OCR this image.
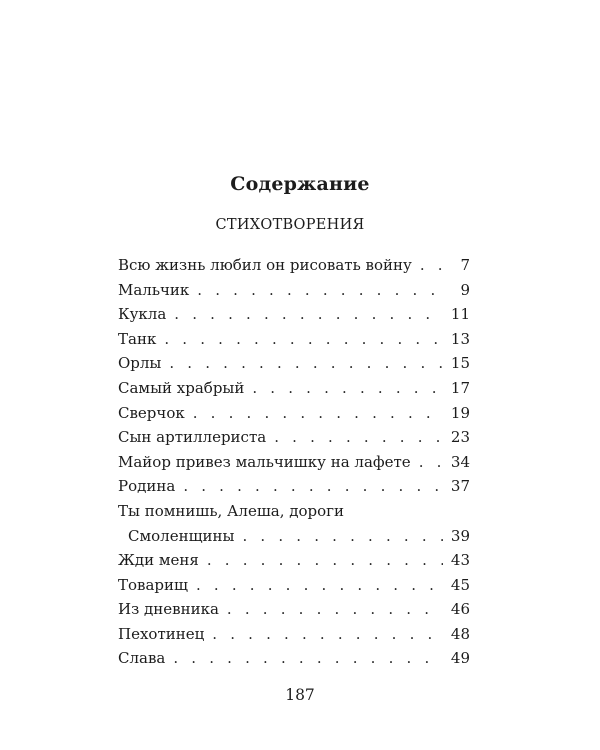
Содержание
СТИХОТВОРЕНИЯ
Всю жизнь любил он рисовать войну . . .	7
Мальчик . . .	9
Кукла . . .	11
Танк . . .	13
Орлы . . .	15
Самый храбрый . . .	17
Сверчок . . .	19
Сын артиллериста . . .	23
Майор привез мальчишку на лафете . . .	34
Родина . . .	37
Ты помнишь, Алеша, дороги
Смоленщины . . .	39
Жди меня . . .	43
Товарищ . . .	45
Из дневника . . .	46
Пехотинец . . .	48
Слава . . .	49
187
